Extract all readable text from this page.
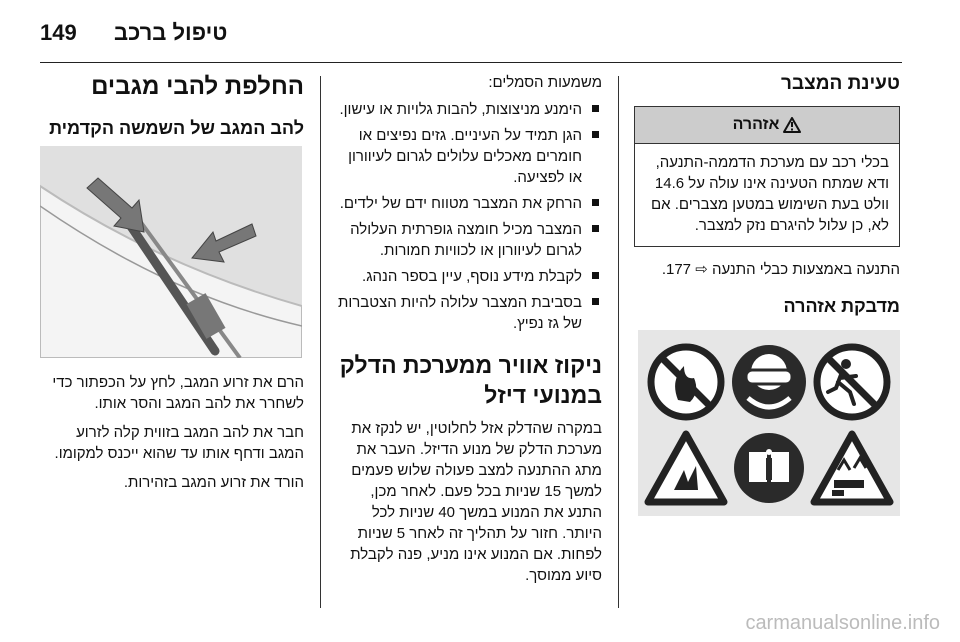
149 טיפול ברכב
החלפת להבי מגבים
להב המגב של השמשה הקדמית

הרם את זרוע המגב, לחץ על הכפתור כדי לשחרר את להב המגב והסר אותו.

חבר את להב המגב בזווית קלה לזרוע המגב ודחף אותו עד שהוא ייכנס למקומו.

הורד את זרוע המגב בזהירות.

משמעות הסמלים:

הימנע מניצוצות, להבות גלויות או עישון.
הגן תמיד על העיניים. גזים נפיצים או חומרים מאכלים עלולים לגרום לעיוורון או לפציעה.
הרחק את המצבר מטווח ידם של ילדים.
המצבר מכיל חומצה גופרתית העלולה לגרום לעיוורון או לכוויות חמורות.
לקבלת מידע נוסף, עיין בספר הנהג.
בסביבת המצבר עלולה להיות הצטברות של גז נפיץ.
ניקוז אוויר ממערכת הדלק במנועי דיזל

במקרה שהדלק אזל לחלוטין, יש לנקז את מערכת הדלק של מנוע הדיזל. העבר את מתג ההתנעה למצב פעולה שלוש פעמים למשך 15 שניות בכל פעם. לאחר מכן, התנע את המנוע במשך 40 שניות לכל היותר. חזור על תהליך זה לאחר 5 שניות לפחות. אם המנוע אינו מניע, פנה לקבלת סיוע ממוסך.

טעינת המצבר
אזהרה
בכלי רכב עם מערכת הדממה-התנעה, ודא שמתח הטעינה אינו עולה על 14.6 וולט בעת השימוש במטען מצברים. אם לא, כן עלול להיגרם נזק למצבר.

התנעה באמצעות כבלי התנעה ⇨ 177.

מדבקת אזהרה
carmanualsonline.info
